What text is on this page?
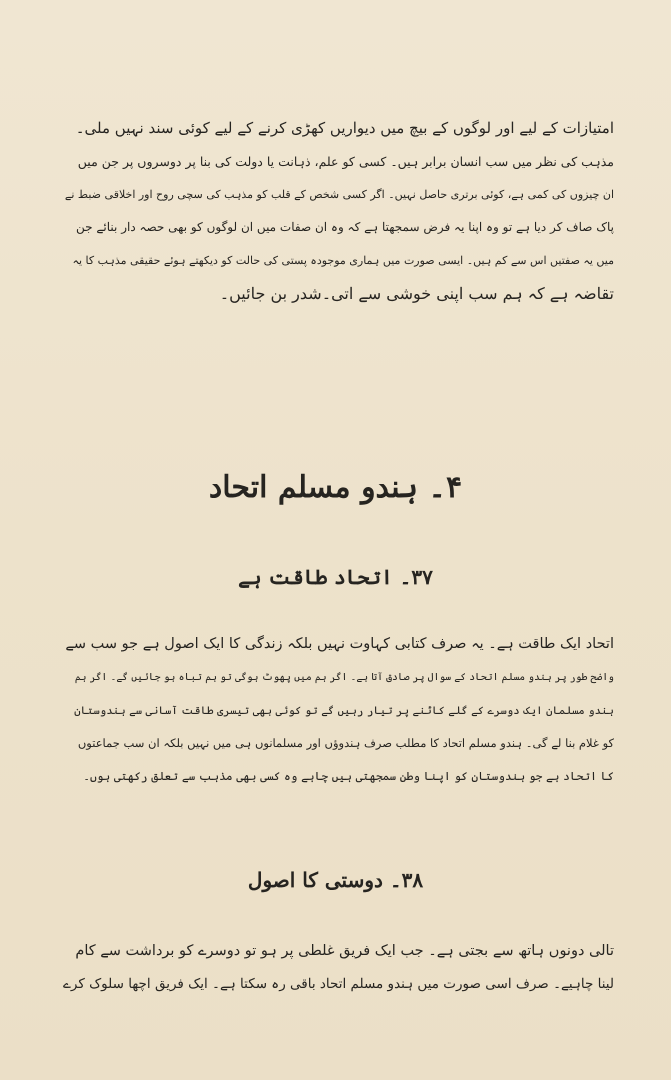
امتیازات کے لیے اور لوگوں کے بیچ میں دیواریں کھڑی کرنے کے لیے کوئی سند نہیں ملی۔
مذہب کی نظر میں سب انسان برابر ہیں۔ کسی کو علم، ذہانت یا دولت کی بنا پر دوسروں پر جن میں
ان چیزوں کی کمی ہے، کوئی برتری حاصل نہیں۔ اگر کسی شخص کے قلب کو مذہب کی سچی روح اور اخلاقی ضبط نے
پاک صاف کر دیا ہے تو وہ اپنا یہ فرض سمجھتا ہے کہ وہ ان صفات میں ان لوگوں کو بھی حصہ دار بنائے جن
میں یہ صفتیں اس سے کم ہیں۔ ایسی صورت میں ہماری موجودہ پستی کی حالت کو دیکھتے ہوئے حقیقی مذہب کا یہ
تقاضہ ہے کہ ہم سب اپنی خوشی سے اتی۔شدر بن جائیں۔
۴۔ ہندو مسلم اتحاد
۳۷۔ اتحاد طاقت ہے
اتحاد ایک طاقت ہے۔ یہ صرف کتابی کہاوت نہیں بلکہ زندگی کا ایک اصول ہے جو سب سے
واضح طور پر ہندو مسلم اتحاد کے سوال پر صادق آتا ہے۔ اگر ہم میں پھوٹ ہوگی تو ہم تباہ ہو جائیں گے۔ اگر ہم
ہندو مسلمان ایک دوسرے کے گلے کاٹنے پر تیار رہیں گے تو کوئی بھی تیسری طاقت آسانی سے ہندوستان
کو غلام بنا لے گی۔ ہندو مسلم اتحاد کا مطلب صرف ہندوؤں اور مسلمانوں ہی میں نہیں بلکہ ان سب جماعتوں
کا اتحاد ہے جو ہندوستان کو اپنا وطن سمجھتی ہیں چاہے وہ کسی بھی مذہب سے تعلق رکھتی ہوں۔
۳۸۔ دوستی کا اصول
تالی دونوں ہاتھ سے بجتی ہے۔ جب ایک فریق غلطی پر ہو تو دوسرے کو برداشت سے کام
لینا چاہیے۔ صرف اسی صورت میں ہندو مسلم اتحاد باقی رہ سکتا ہے۔ ایک فریق اچھا سلوک کرے
